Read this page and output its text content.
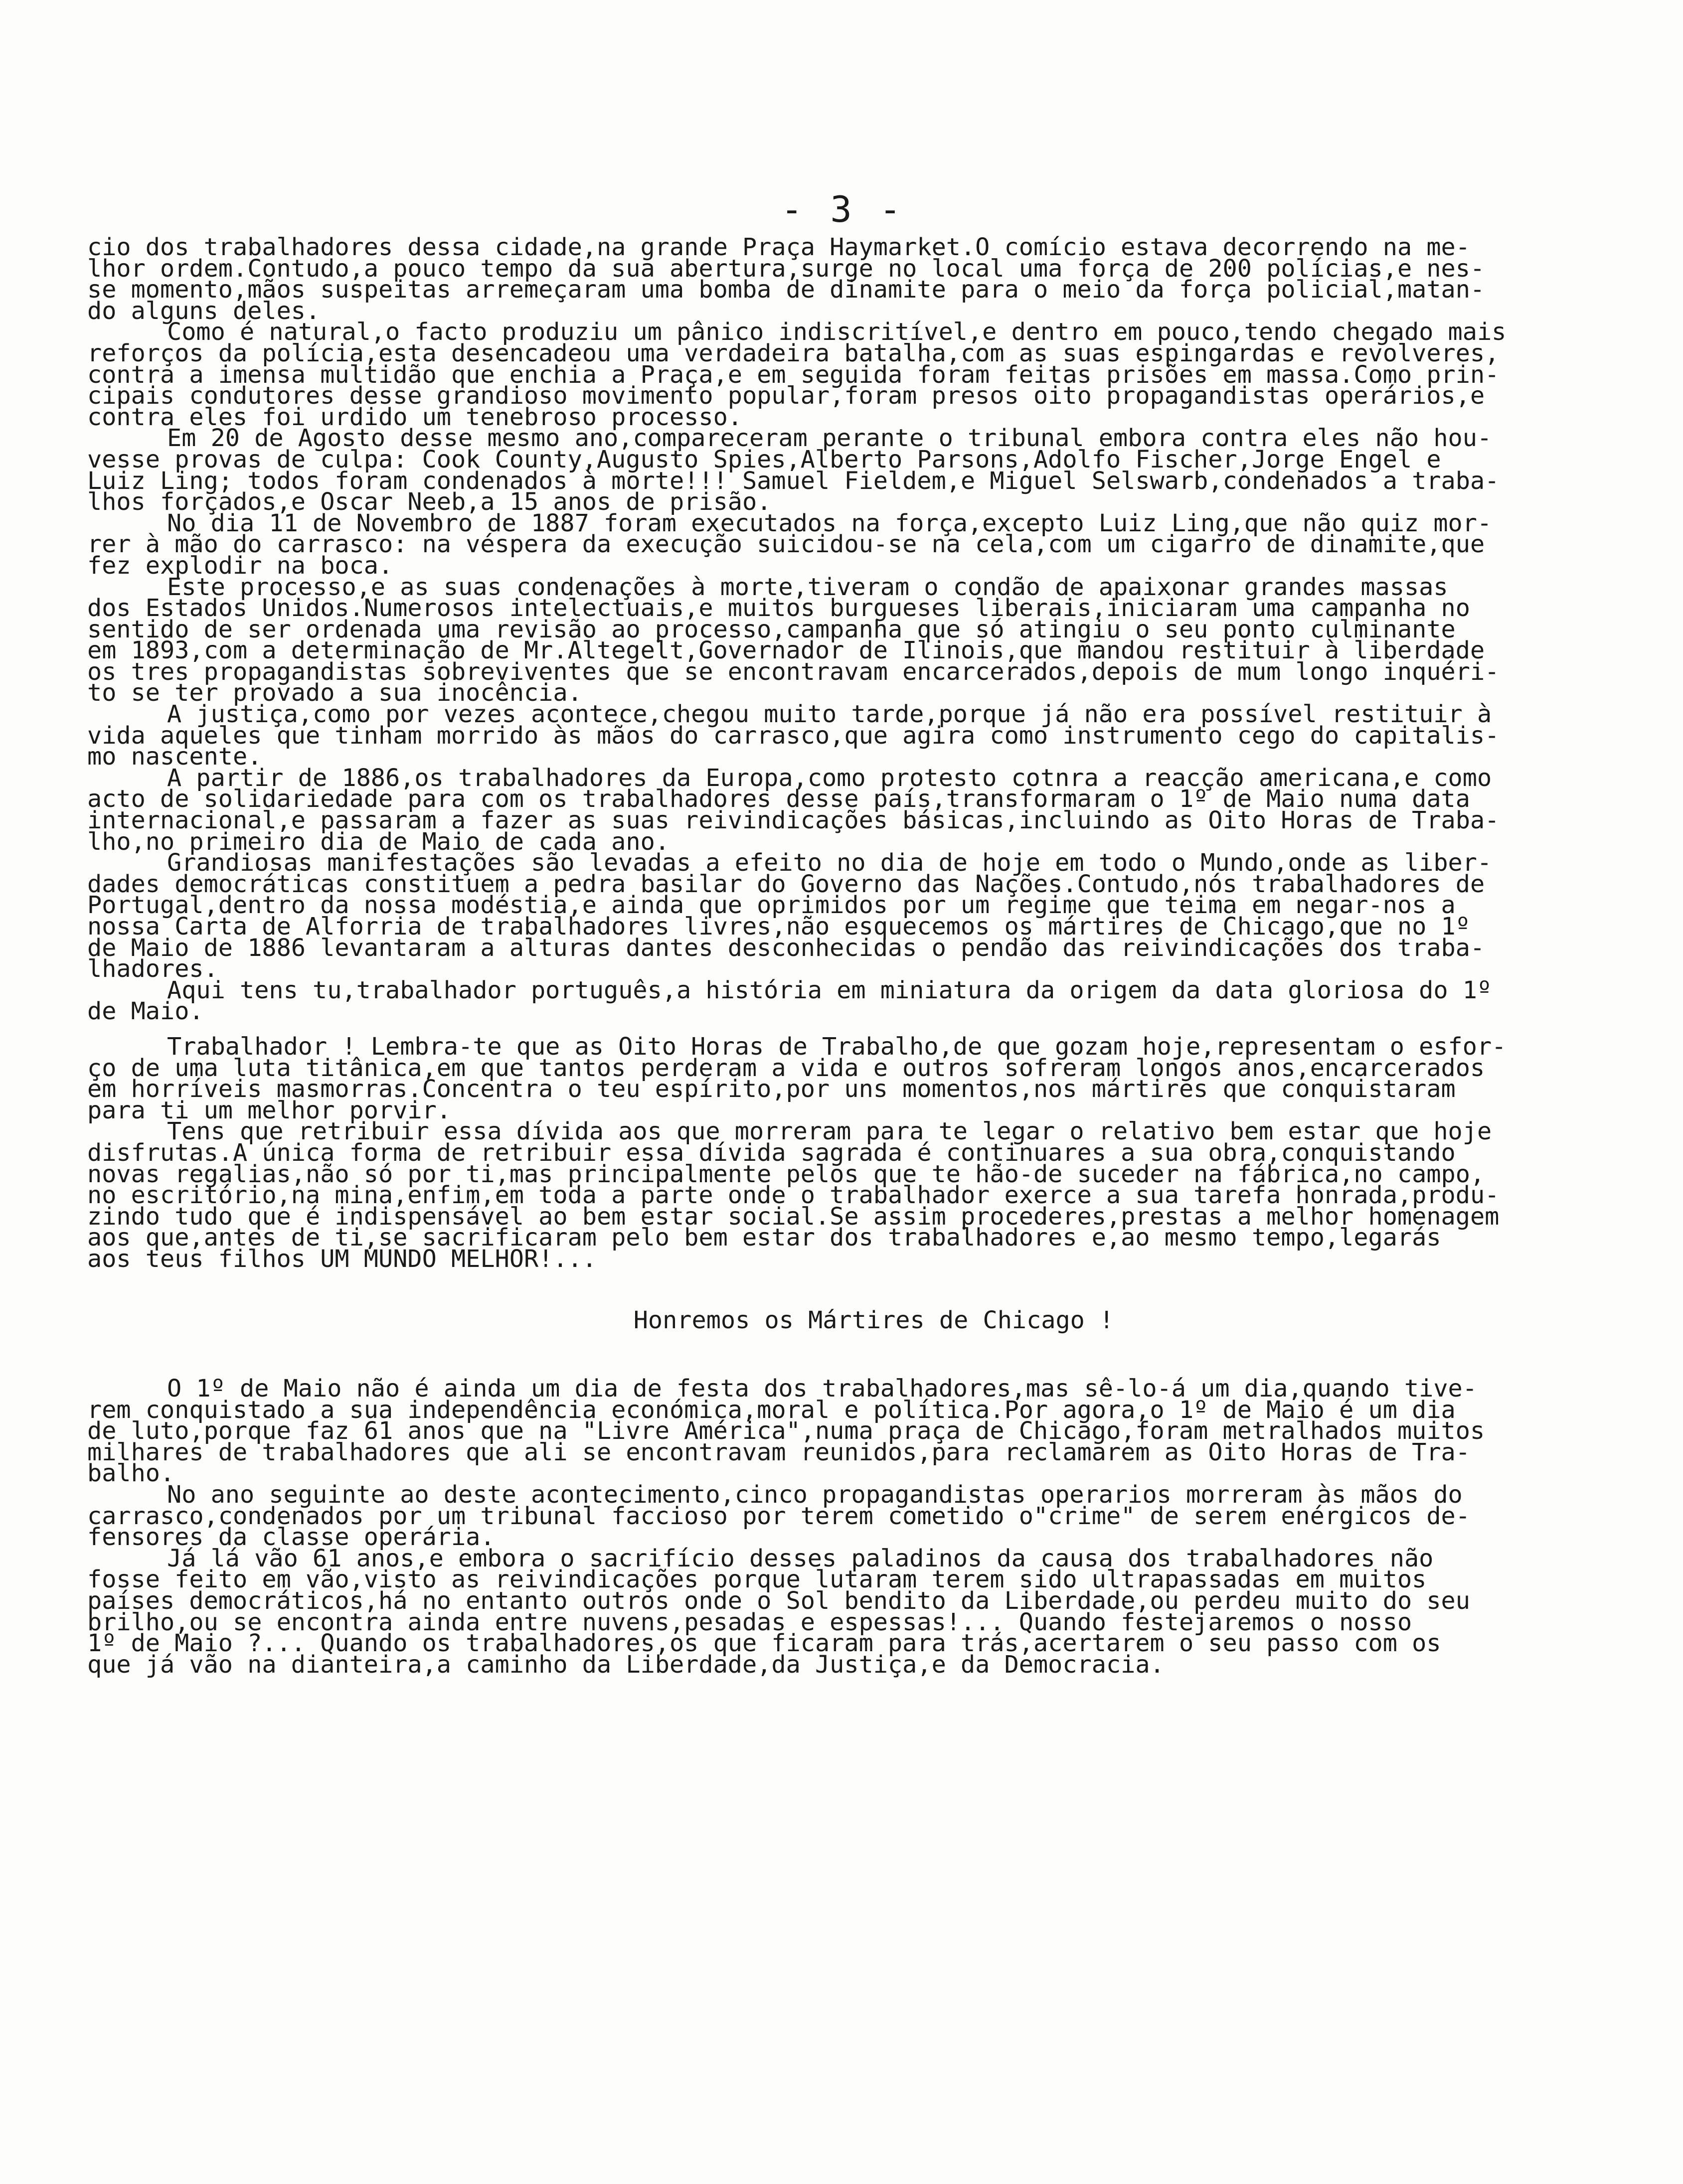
- 3 -
cio dos trabalhadores dessa cidade,na grande Praça Haymarket.O comício estava decorrendo na me-
lhor ordem.Contudo,a pouco tempo da sua abertura,surge no local uma força de 200 polícias,e nes-
se momento,mãos suspeitas arremeçaram uma bomba de dinamite para o meio da força policial,matan-
do alguns deles.
Como é natural,o facto produziu um pânico indiscritível,e dentro em pouco,tendo chegado mais
reforços da polícia,esta desencadeou uma verdadeira batalha,com as suas espingardas e revolveres,
contra a imensa multidão que enchia a Praça,e em seguida foram feitas prisões em massa.Como prin-
cipais condutores desse grandioso movimento popular,foram presos oito propagandistas operários,e
contra eles foi urdido um tenebroso processo.
Em 20 de Agosto desse mesmo ano,compareceram perante o tribunal embora contra eles não hou-
vesse provas de culpa: Cook County,Augusto Spies,Alberto Parsons,Adolfo Fischer,Jorge Engel e
Luiz Ling; todos foram condenados à morte!!! Samuel Fieldem,e Miguel Selswarb,condenados a traba-
lhos forçados,e Oscar Neeb,a 15 anos de prisão.
No dia 11 de Novembro de 1887 foram executados na força,excepto Luiz Ling,que não quiz mor-
rer à mão do carrasco: na véspera da execução suicidou-se na cela,com um cigarro de dinamite,que
fez explodir na boca.
Este processo,e as suas condenações à morte,tiveram o condão de apaixonar grandes massas
dos Estados Unidos.Numerosos intelectuais,e muitos burgueses liberais,iniciaram uma campanha no
sentido de ser ordenada uma revisão ao processo,campanha que só atingiu o seu ponto culminante
em 1893,com a determinação de Mr.Altegelt,Governador de Ilinois,que mandou restituir à liberdade
os tres propagandistas sobreviventes que se encontravam encarcerados,depois de mum longo inquéri-
to se ter provado a sua inocência.
A justiça,como por vezes acontece,chegou muito tarde,porque já não era possível restituir à
vida aqueles que tinham morrido às mãos do carrasco,que agira como instrumento cego do capitalis-
mo nascente.
A partir de 1886,os trabalhadores da Europa,como protesto cotnra a reacção americana,e como
acto de solidariedade para com os trabalhadores desse país,transformaram o 1º de Maio numa data
internacional,e passaram a fazer as suas reivindicações básicas,incluindo as Oito Horas de Traba-
lho,no primeiro dia de Maio de cada ano.
Grandiosas manifestações são levadas a efeito no dia de hoje em todo o Mundo,onde as liber-
dades democráticas constituem a pedra basilar do Governo das Nações.Contudo,nós trabalhadores de
Portugal,dentro da nossa modéstia,e ainda que oprimidos por um regime que teima em negar-nos a
nossa Carta de Alforria de trabalhadores livres,não esquecemos os mártires de Chicago,que no 1º
de Maio de 1886 levantaram a alturas dantes desconhecidas o pendão das reivindicações dos traba-
lhadores.
Aqui tens tu,trabalhador português,a história em miniatura da origem da data gloriosa do 1º
de Maio.
Trabalhador ! Lembra-te que as Oito Horas de Trabalho,de que gozam hoje,representam o esfor-
ço de uma luta titânica,em que tantos perderam a vida e outros sofreram longos anos,encarcerados
em horríveis masmorras.Concentra o teu espírito,por uns momentos,nos mártires que conquistaram
para ti um melhor porvir.
Tens que retribuir essa dívida aos que morreram para te legar o relativo bem estar que hoje
disfrutas.A única forma de retribuir essa dívida sagrada é continuares a sua obra,conquistando
novas regalias,não só por ti,mas principalmente pelos que te hão-de suceder na fábrica,no campo,
no escritório,na mina,enfim,em toda a parte onde o trabalhador exerce a sua tarefa honrada,produ-
zindo tudo que é indispensável ao bem estar social.Se assim procederes,prestas a melhor homenagem
aos que,antes de ti,se sacrificaram pelo bem estar dos trabalhadores e,ao mesmo tempo,legarás
aos teus filhos UM MUNDO MELHOR!...
Honremos os Mártires de Chicago !
O 1º de Maio não é ainda um dia de festa dos trabalhadores,mas sê-lo-á um dia,quando tive-
rem conquistado a sua independência económica,moral e política.Por agora,o 1º de Maio é um dia
de luto,porque faz 61 anos que na "Livre América",numa praça de Chicago,foram metralhados muitos
milhares de trabalhadores que ali se encontravam reunidos,para reclamarem as Oito Horas de Tra-
balho.
No ano seguinte ao deste acontecimento,cinco propagandistas operarios morreram às mãos do
carrasco,condenados por um tribunal faccioso por terem cometido o"crime" de serem enérgicos de-
fensores da classe operária.
Já lá vão 61 anos,e embora o sacrifício desses paladinos da causa dos trabalhadores não
fosse feito em vão,visto as reivindicações porque lutaram terem sido ultrapassadas em muitos
países democráticos,há no entanto outros onde o Sol bendito da Liberdade,ou perdeu muito do seu
brilho,ou se encontra ainda entre nuvens,pesadas e espessas!... Quando festejaremos o nosso
1º de Maio ?... Quando os trabalhadores,os que ficaram para trás,acertarem o seu passo com os
que já vão na dianteira,a caminho da Liberdade,da Justiça,e da Democracia.
